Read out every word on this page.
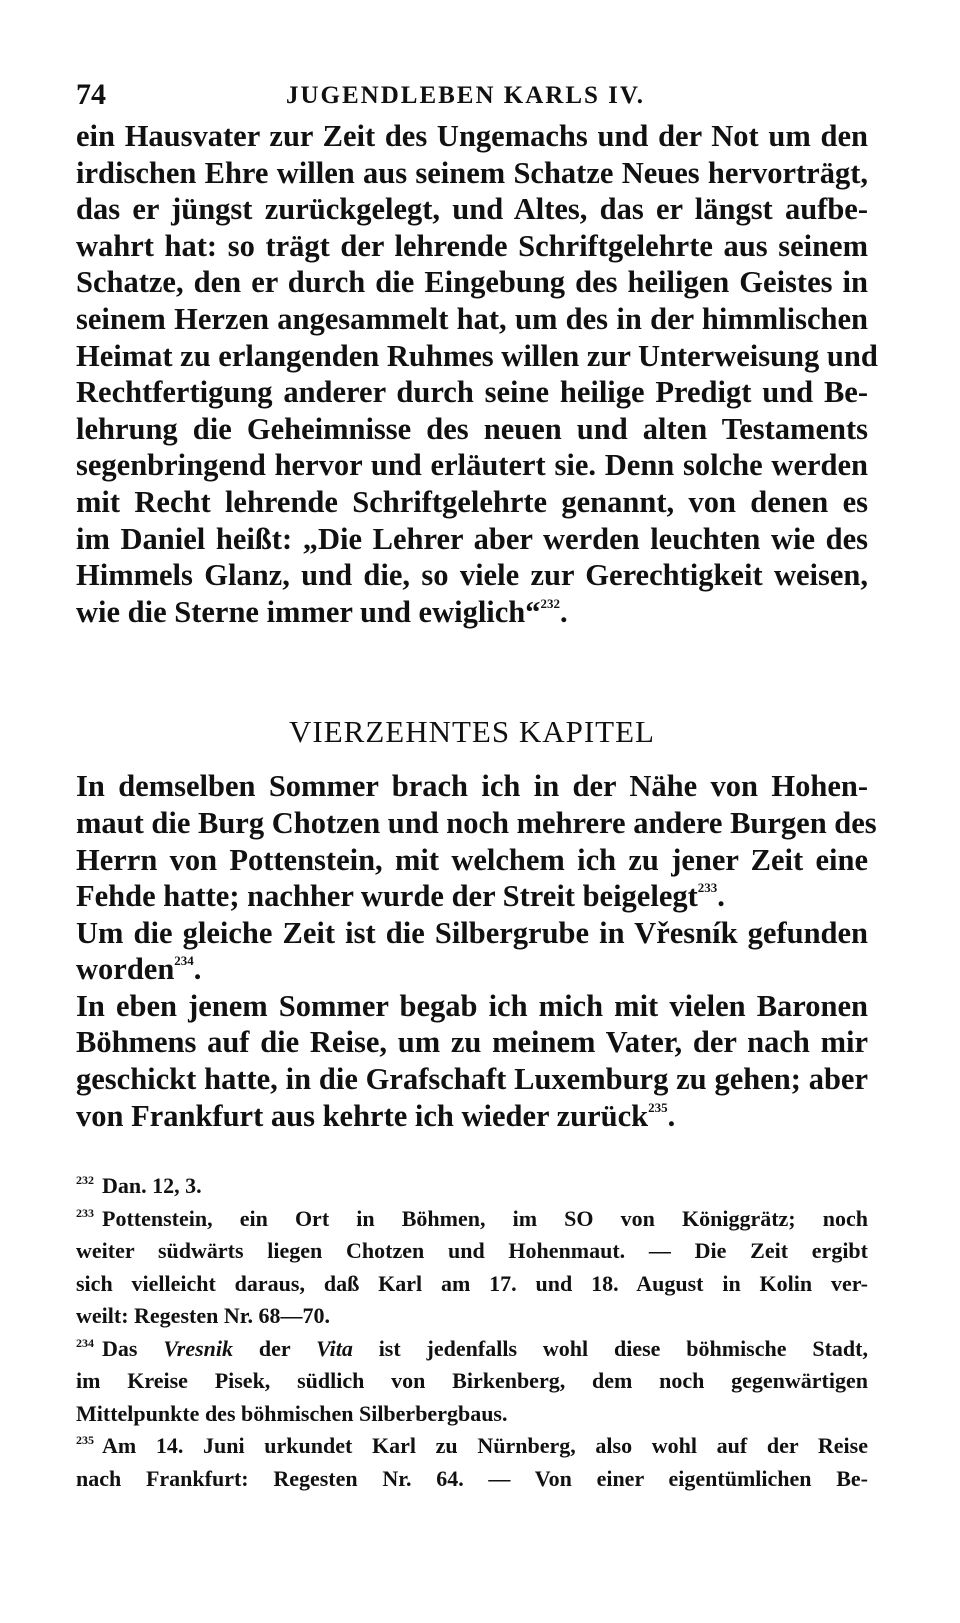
74	JUGENDLEBEN KARLS IV.

ein Hausvater zur Zeit des Ungemachs und der Not um den
irdischen Ehre willen aus seinem Schatze Neues hervorträgt,
das er jüngst zurückgelegt, und Altes, das er längst aufbe-
wahrt hat: so trägt der lehrende Schriftgelehrte aus seinem
Schatze, den er durch die Eingebung des heiligen Geistes in
seinem Herzen angesammelt hat, um des in der himmlischen
Heimat zu erlangenden Ruhmes willen zur Unterweisung und
Rechtfertigung anderer durch seine heilige Predigt und Be-
lehrung die Geheimnisse des neuen und alten Testaments
segenbringend hervor und erläutert sie. Denn solche werden
mit Recht lehrende Schriftgelehrte genannt, von denen es
im Daniel heißt: „Die Lehrer aber werden leuchten wie des
Himmels Glanz, und die, so viele zur Gerechtigkeit weisen,
wie die Sterne immer und ewiglich“$^{232}$.

VIERZEHNTES KAPITEL

In demselben Sommer brach ich in der Nähe von Hohen-
maut die Burg Chotzen und noch mehrere andere Burgen des
Herrn von Pottenstein, mit welchem ich zu jener Zeit eine
Fehde hatte; nachher wurde der Streit beigelegt$^{233}$.

Um die gleiche Zeit ist die Silbergrube in Vřesník gefunden
worden$^{234}$.

In eben jenem Sommer begab ich mich mit vielen Baronen
Böhmens auf die Reise, um zu meinem Vater, der nach mir
geschickt hatte, in die Grafschaft Luxemburg zu gehen; aber
von Frankfurt aus kehrte ich wieder zurück$^{235}$.

$^{232}$ Dan. 12, 3.
$^{233}$ Pottenstein, ein Ort in Böhmen, im SO von Königgrätz; noch
weiter südwärts liegen Chotzen und Hohenmaut. — Die Zeit ergibt
sich vielleicht daraus, daß Karl am 17. und 18. August in Kolin ver-
weilt: Regesten Nr. 68—70.
$^{234}$ Das Vresnik der Vita ist jedenfalls wohl diese böhmische Stadt,
im Kreise Pisek, südlich von Birkenberg, dem noch gegenwärtigen
Mittelpunkte des böhmischen Silberbergbaus.
$^{235}$ Am 14. Juni urkundet Karl zu Nürnberg, also wohl auf der Reise
nach Frankfurt: Regesten Nr. 64. — Von einer eigentümlichen Be-
